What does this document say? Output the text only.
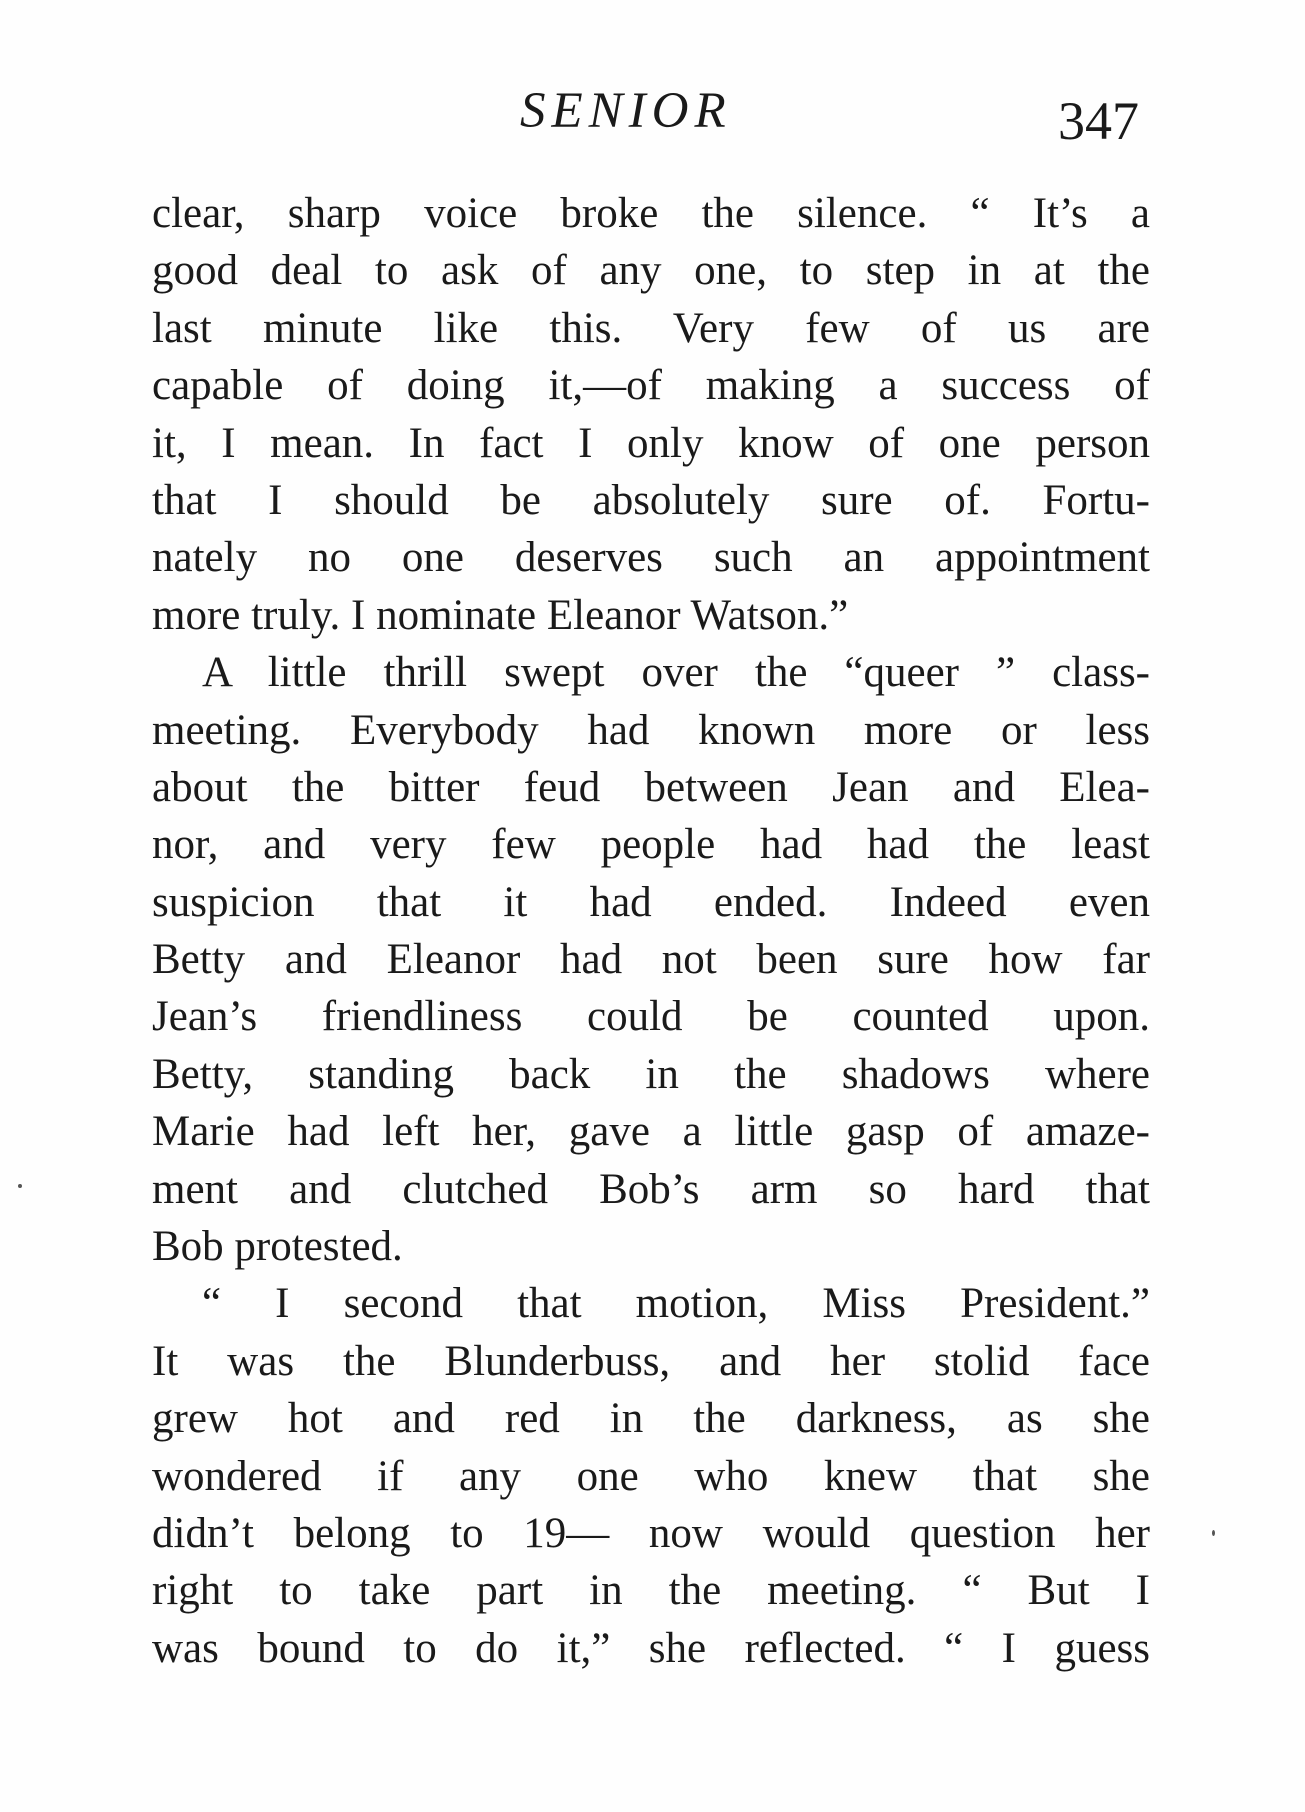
SENIOR	347
clear, sharp voice broke the silence. “ It’s a
good deal to ask of any one, to step in at the
last minute like this. Very few of us are
capable of doing it,—of making a success of
it, I mean. In fact I only know of one person
that I should be absolutely sure of. Fortu-
nately no one deserves such an appointment
more truly. I nominate Eleanor Watson.”
A little thrill swept over the “queer ” class-
meeting. Everybody had known more or less
about the bitter feud between Jean and Elea-
nor, and very few people had had the least
suspicion that it had ended. Indeed even
Betty and Eleanor had not been sure how far
Jean’s friendliness could be counted upon.
Betty, standing back in the shadows where
Marie had left her, gave a little gasp of amaze-
ment and clutched Bob’s arm so hard that
Bob protested.
“ I second that motion, Miss President.”
It was the Blunderbuss, and her stolid face
grew hot and red in the darkness, as she
wondered if any one who knew that she
didn’t belong to 19— now would question her
right to take part in the meeting. “ But I
was bound to do it,” she reflected. “ I guess
